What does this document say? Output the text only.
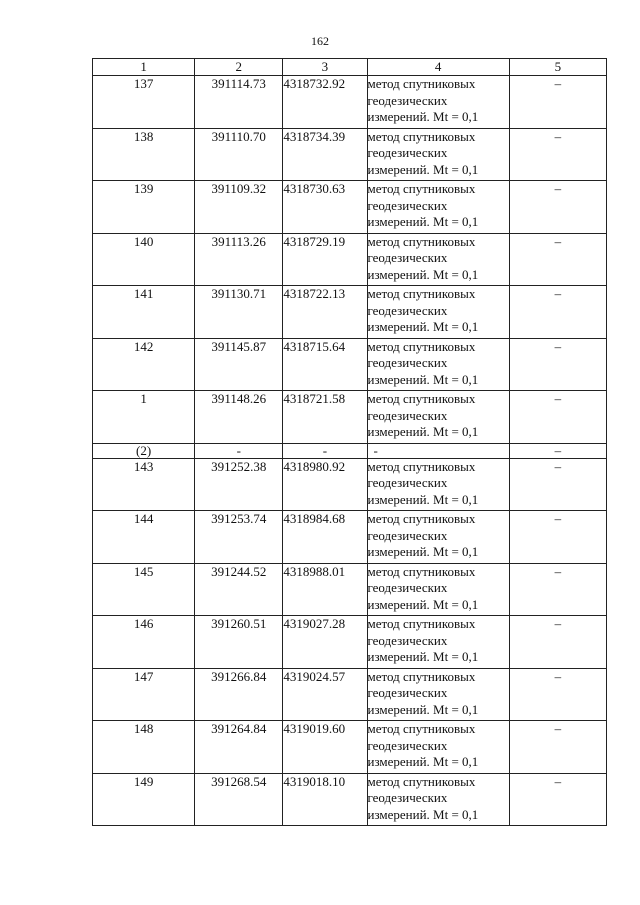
162
1	2	3	4	5
137	391114.73	4318732.92	метод спутниковых
геодезических
измерений. Mt = 0,1	–
138	391110.70	4318734.39	метод спутниковых
геодезических
измерений. Mt = 0,1	–
139	391109.32	4318730.63	метод спутниковых
геодезических
измерений. Mt = 0,1	–
140	391113.26	4318729.19	метод спутниковых
геодезических
измерений. Mt = 0,1	–
141	391130.71	4318722.13	метод спутниковых
геодезических
измерений. Mt = 0,1	–
142	391145.87	4318715.64	метод спутниковых
геодезических
измерений. Mt = 0,1	–
1	391148.26	4318721.58	метод спутниковых
геодезических
измерений. Mt = 0,1	–
(2)	-	-	-	–
143	391252.38	4318980.92	метод спутниковых
геодезических
измерений. Mt = 0,1	–
144	391253.74	4318984.68	метод спутниковых
геодезических
измерений. Mt = 0,1	–
145	391244.52	4318988.01	метод спутниковых
геодезических
измерений. Mt = 0,1	–
146	391260.51	4319027.28	метод спутниковых
геодезических
измерений. Mt = 0,1	–
147	391266.84	4319024.57	метод спутниковых
геодезических
измерений. Mt = 0,1	–
148	391264.84	4319019.60	метод спутниковых
геодезических
измерений. Mt = 0,1	–
149	391268.54	4319018.10	метод спутниковых
геодезических
измерений. Mt = 0,1	–
